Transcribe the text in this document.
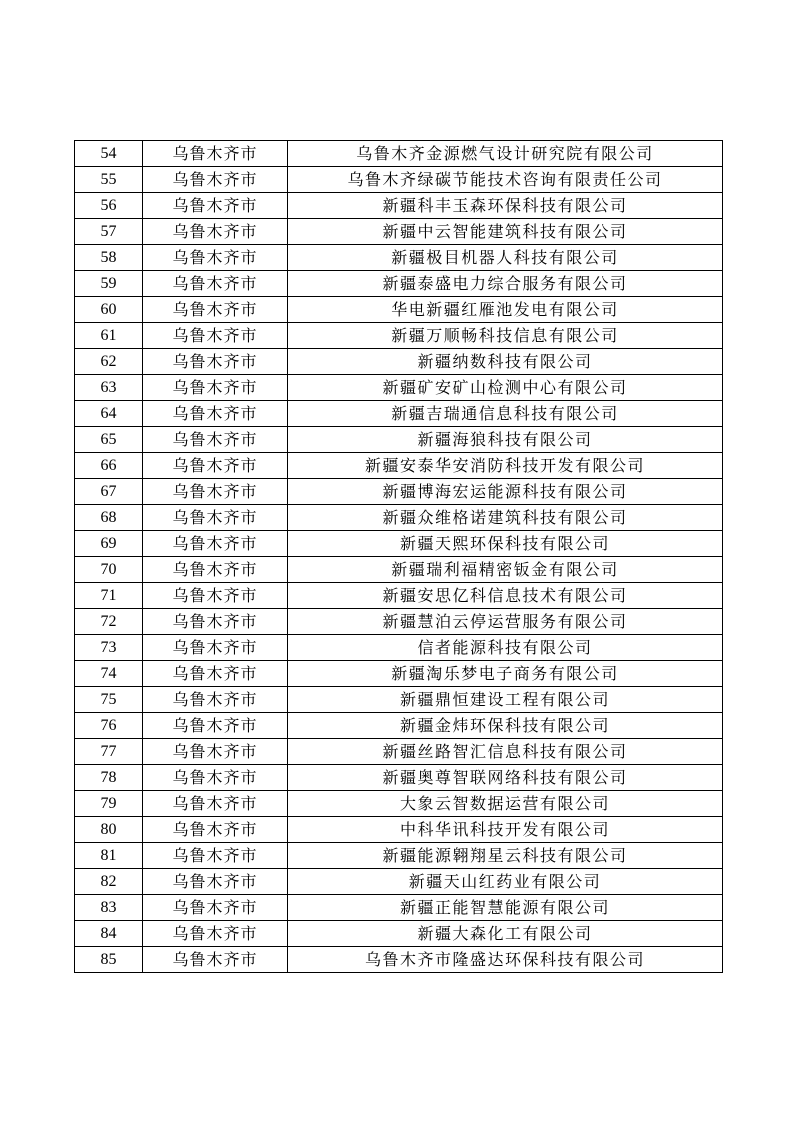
54	乌鲁木齐市	乌鲁木齐金源燃气设计研究院有限公司
55	乌鲁木齐市	乌鲁木齐绿碳节能技术咨询有限责任公司
56	乌鲁木齐市	新疆科丰玉森环保科技有限公司
57	乌鲁木齐市	新疆中云智能建筑科技有限公司
58	乌鲁木齐市	新疆极目机器人科技有限公司
59	乌鲁木齐市	新疆泰盛电力综合服务有限公司
60	乌鲁木齐市	华电新疆红雁池发电有限公司
61	乌鲁木齐市	新疆万顺畅科技信息有限公司
62	乌鲁木齐市	新疆纳数科技有限公司
63	乌鲁木齐市	新疆矿安矿山检测中心有限公司
64	乌鲁木齐市	新疆吉瑞通信息科技有限公司
65	乌鲁木齐市	新疆海狼科技有限公司
66	乌鲁木齐市	新疆安泰华安消防科技开发有限公司
67	乌鲁木齐市	新疆博海宏运能源科技有限公司
68	乌鲁木齐市	新疆众维格诺建筑科技有限公司
69	乌鲁木齐市	新疆天熙环保科技有限公司
70	乌鲁木齐市	新疆瑞利福精密钣金有限公司
71	乌鲁木齐市	新疆安思亿科信息技术有限公司
72	乌鲁木齐市	新疆慧泊云停运营服务有限公司
73	乌鲁木齐市	信者能源科技有限公司
74	乌鲁木齐市	新疆淘乐梦电子商务有限公司
75	乌鲁木齐市	新疆鼎恒建设工程有限公司
76	乌鲁木齐市	新疆金炜环保科技有限公司
77	乌鲁木齐市	新疆丝路智汇信息科技有限公司
78	乌鲁木齐市	新疆奥尊智联网络科技有限公司
79	乌鲁木齐市	大象云智数据运营有限公司
80	乌鲁木齐市	中科华讯科技开发有限公司
81	乌鲁木齐市	新疆能源翱翔星云科技有限公司
82	乌鲁木齐市	新疆天山红药业有限公司
83	乌鲁木齐市	新疆正能智慧能源有限公司
84	乌鲁木齐市	新疆大森化工有限公司
85	乌鲁木齐市	乌鲁木齐市隆盛达环保科技有限公司
